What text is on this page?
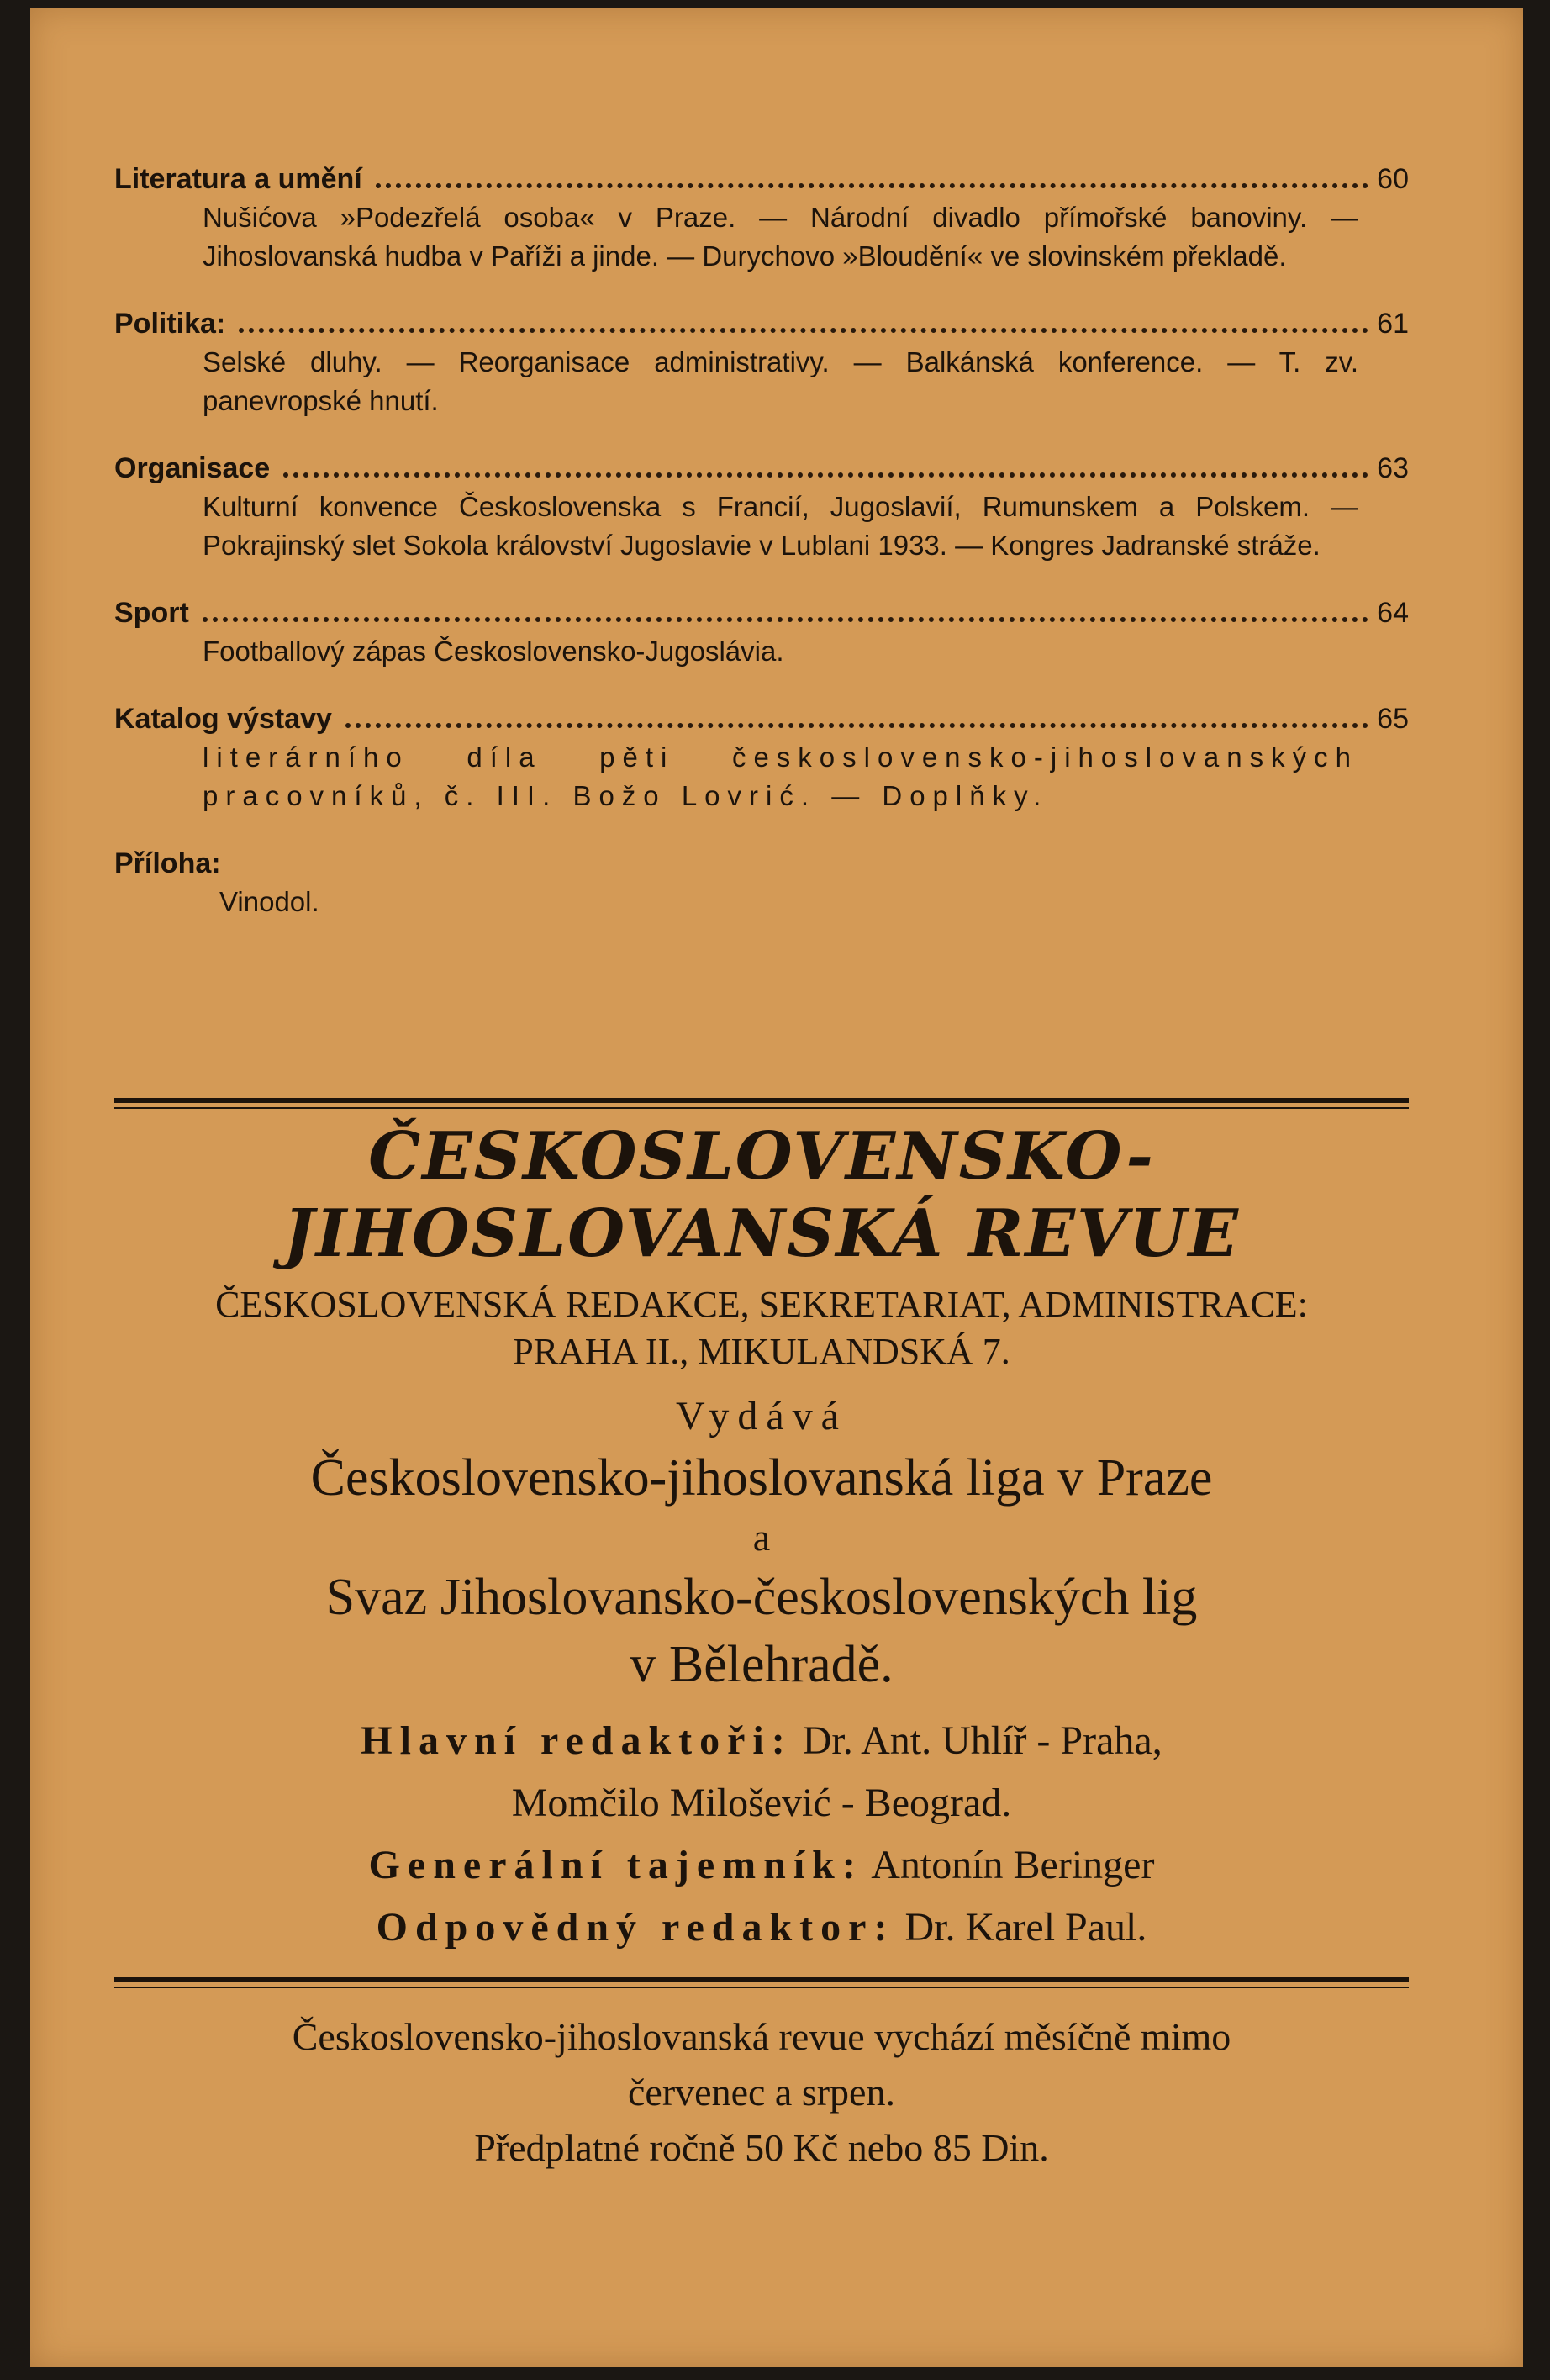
Literatura a umění	60
Nušićova »Podezřelá osoba« v Praze. — Národní divadlo přímořské banoviny. — Jihoslovanská hudba v Paříži a jinde. — Durychovo »Bloudění« ve slovinském překladě.
Politika:	61
Selské dluhy. — Reorganisace administrativy. — Balkánská konference. — T. zv. panevropské hnutí.
Organisace	63
Kulturní konvence Československa s Francií, Jugoslavií, Rumunskem a Polskem. — Pokrajinský slet Sokola království Jugoslavie v Lublani 1933. — Kongres Jadranské stráže.
Sport	64
Footballový zápas Československo-Jugoslávia.
Katalog výstavy	65
literárního díla pěti československo-jihoslovanských pracovníků, č. III. Božo Lovrić. — Doplňky.
Příloha:
Vinodol.
ČESKOSLOVENSKO-
JIHOSLOVANSKÁ REVUE
ČESKOSLOVENSKÁ REDAKCE, SEKRETARIAT, ADMINISTRACE:
PRAHA II., MIKULANDSKÁ 7.
Vydává
Československo-jihoslovanská liga v Praze
a
Svaz Jihoslovansko-československých lig
v Bělehradě.
Hlavní redaktoři: Dr. Ant. Uhlíř - Praha,
Momčilo Milošević - Beograd.
Generální tajemník: Antonín Beringer
Odpovědný redaktor: Dr. Karel Paul.
Československo-jihoslovanská revue vychází měsíčně mimo
červenec a srpen.
Předplatné ročně 50 Kč nebo 85 Din.
